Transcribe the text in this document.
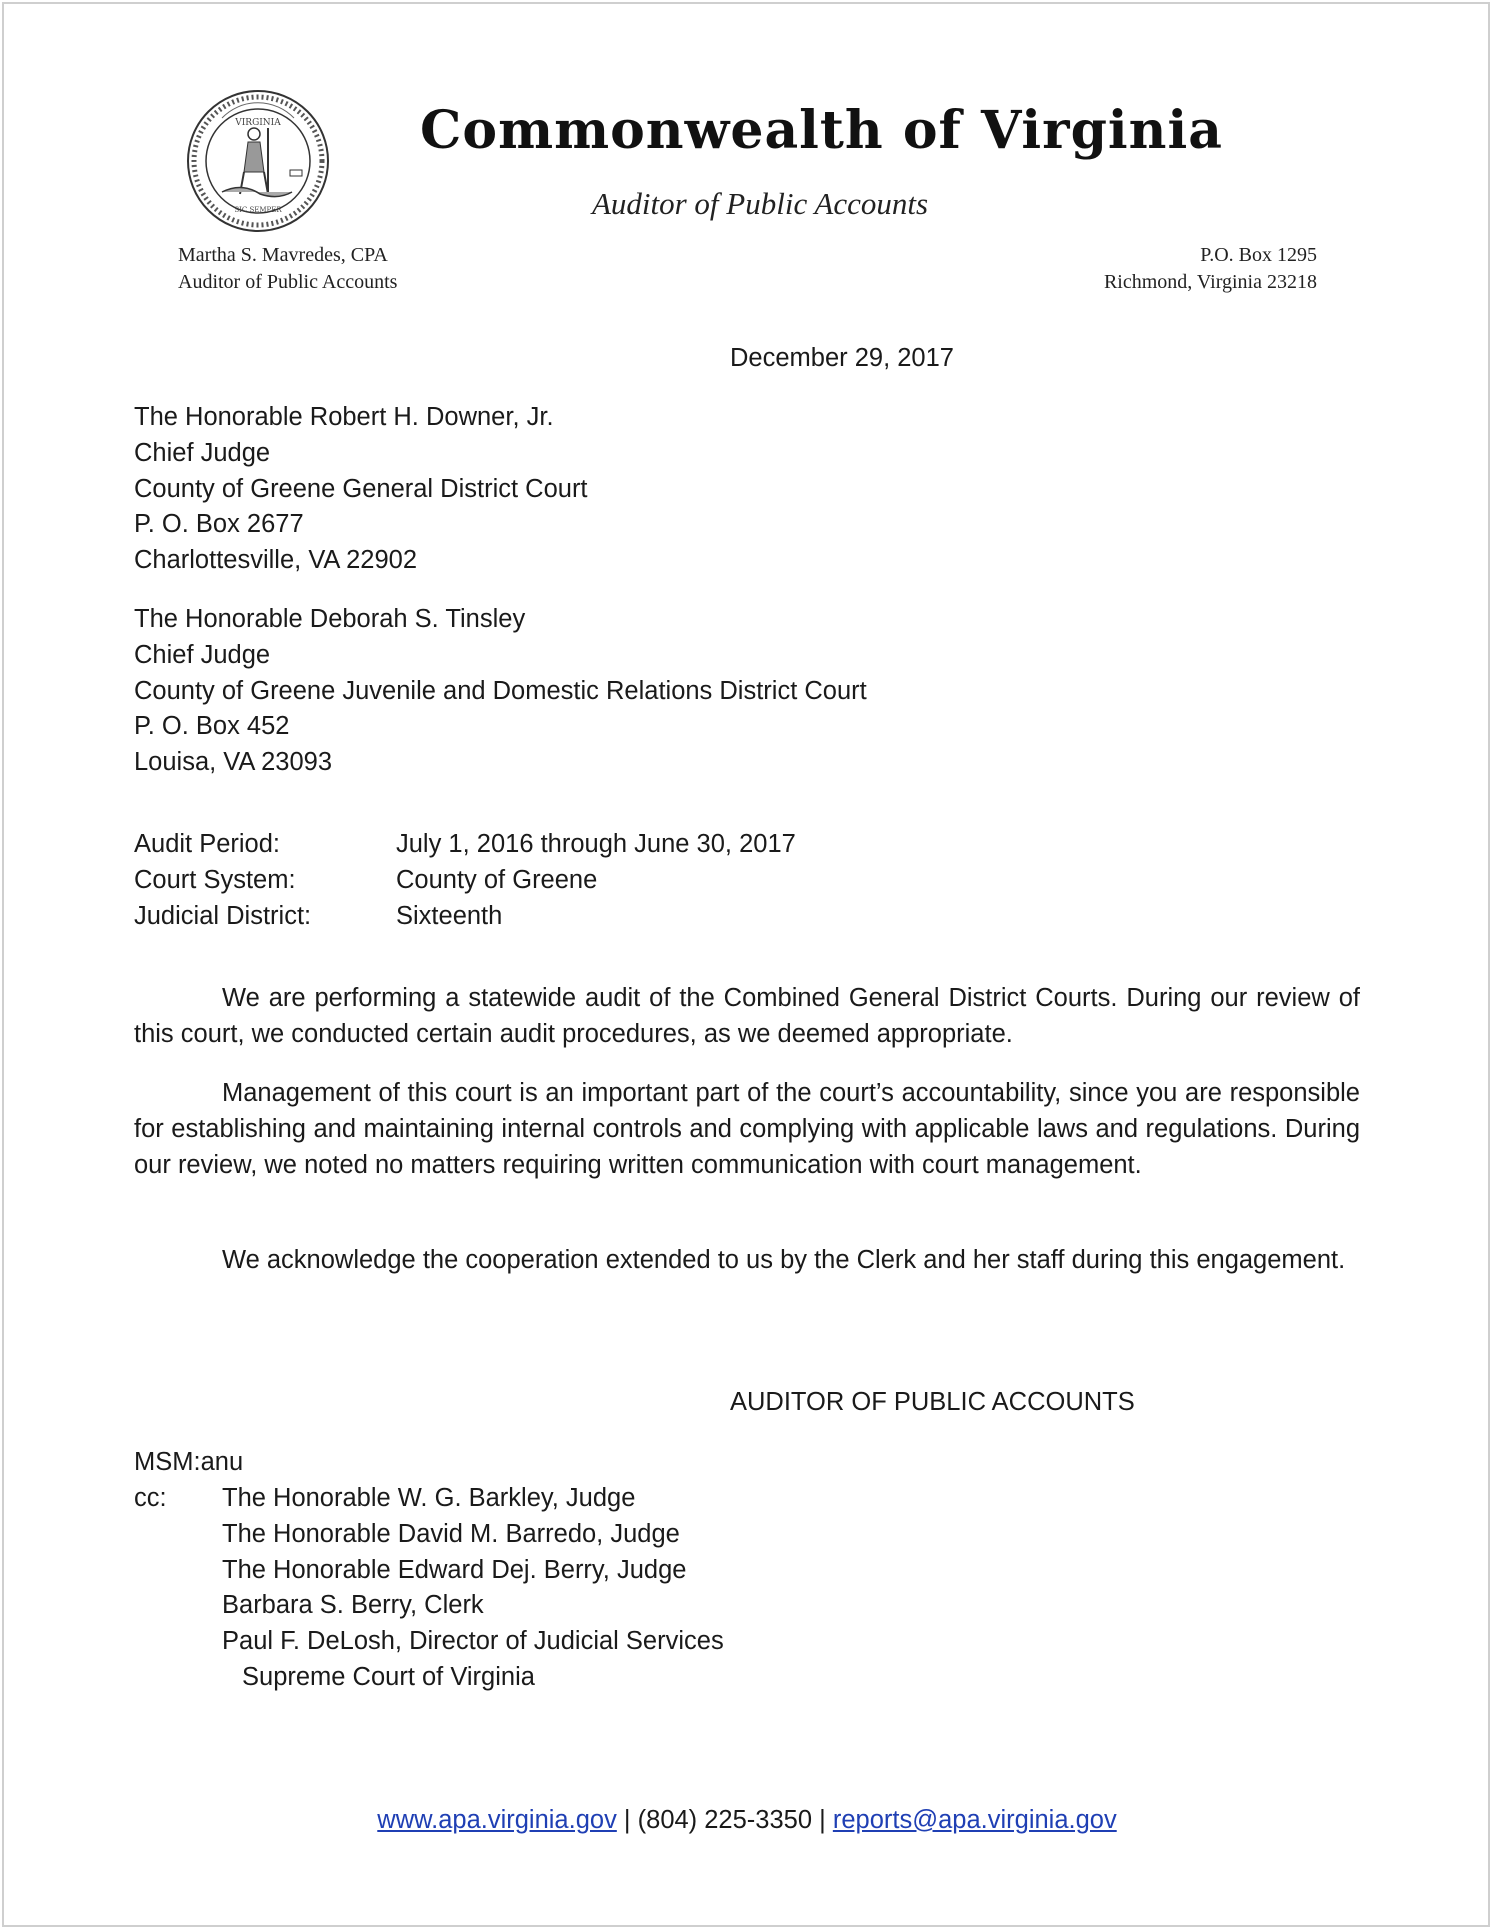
VIRGINIA
SIC SEMPER
Commonwealth of Virginia
Auditor of Public Accounts
Martha S. Mavredes, CPA
Auditor of Public Accounts
P.O. Box 1295
Richmond, Virginia 23218
December 29, 2017
The Honorable Robert H. Downer, Jr.
Chief Judge
County of Greene General District Court
P. O. Box 2677
Charlottesville, VA 22902
The Honorable Deborah S. Tinsley
Chief Judge
County of Greene Juvenile and Domestic Relations District Court
P. O. Box 452
Louisa, VA 23093
Audit Period:	July 1, 2016 through June 30, 2017
Court System:	County of Greene
Judicial District:	Sixteenth
We are performing a statewide audit of the Combined General District Courts. During our review of this court, we conducted certain audit procedures, as we deemed appropriate.
Management of this court is an important part of the court’s accountability, since you are responsible for establishing and maintaining internal controls and complying with applicable laws and regulations. During our review, we noted no matters requiring written communication with court management.
We acknowledge the cooperation extended to us by the Clerk and her staff during this engagement.
AUDITOR OF PUBLIC ACCOUNTS
MSM:anu
cc: The Honorable W. G. Barkley, Judge
The Honorable David M. Barredo, Judge
The Honorable Edward Dej. Berry, Judge
Barbara S. Berry, Clerk
Paul F. DeLosh, Director of Judicial Services
Supreme Court of Virginia
www.apa.virginia.gov | (804) 225-3350 | reports@apa.virginia.gov
